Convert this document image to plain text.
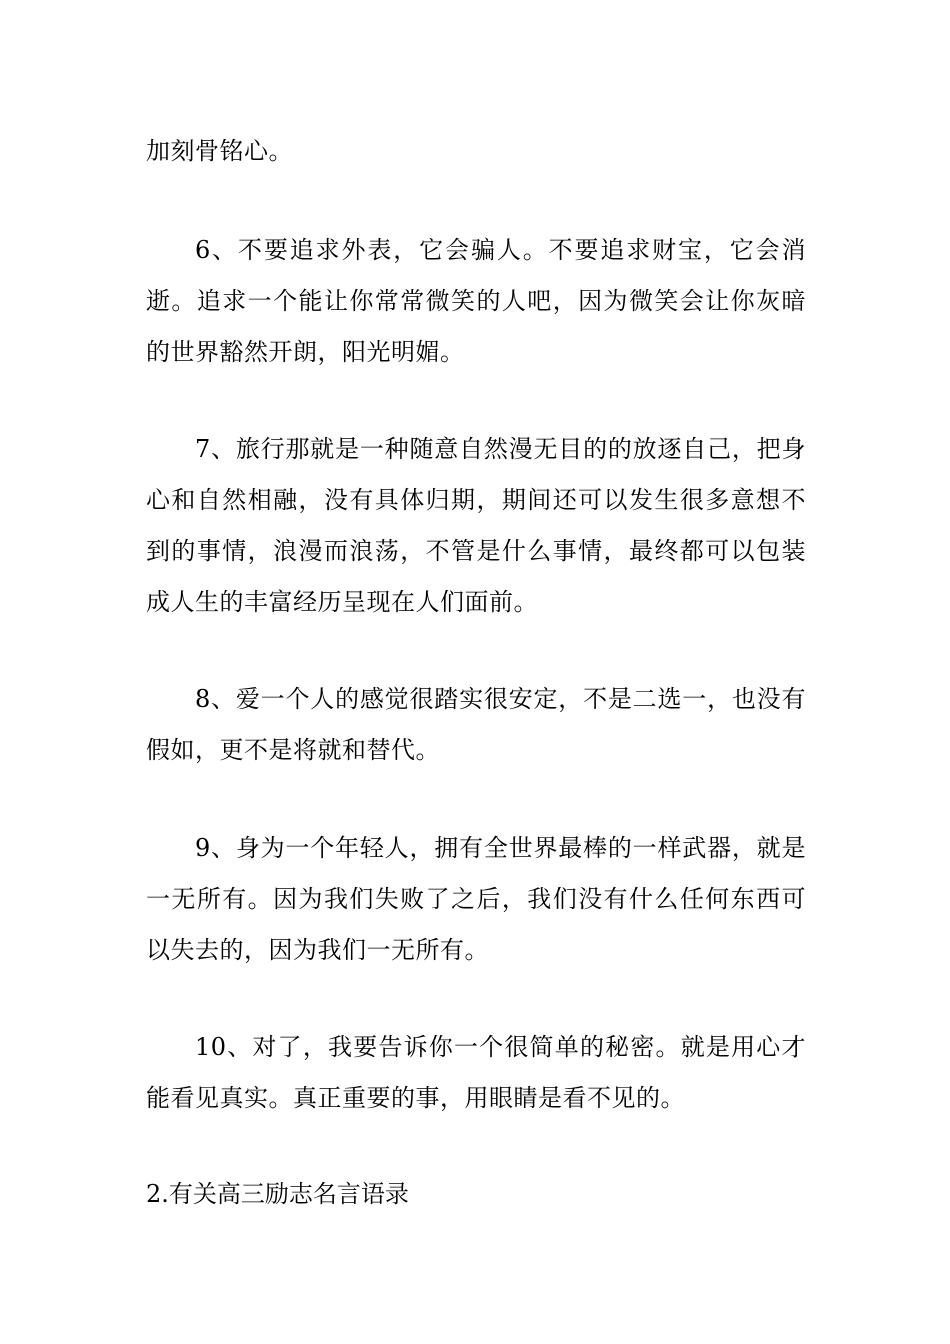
加刻骨铭心。

6、不要追求外表，它会骗人。不要追求财宝，它会消逝。追求一个能让你常常微笑的人吧，因为微笑会让你灰暗的世界豁然开朗，阳光明媚。

7、旅行那就是一种随意自然漫无目的的放逐自己，把身心和自然相融，没有具体归期，期间还可以发生很多意想不到的事情，浪漫而浪荡，不管是什么事情，最终都可以包装成人生的丰富经历呈现在人们面前。

8、爱一个人的感觉很踏实很安定，不是二选一，也没有假如，更不是将就和替代。

9、身为一个年轻人，拥有全世界最棒的一样武器，就是一无所有。因为我们失败了之后，我们没有什么任何东西可以失去的，因为我们一无所有。

10、对了，我要告诉你一个很简单的秘密。就是用心才能看见真实。真正重要的事，用眼睛是看不见的。

2.有关高三励志名言语录
